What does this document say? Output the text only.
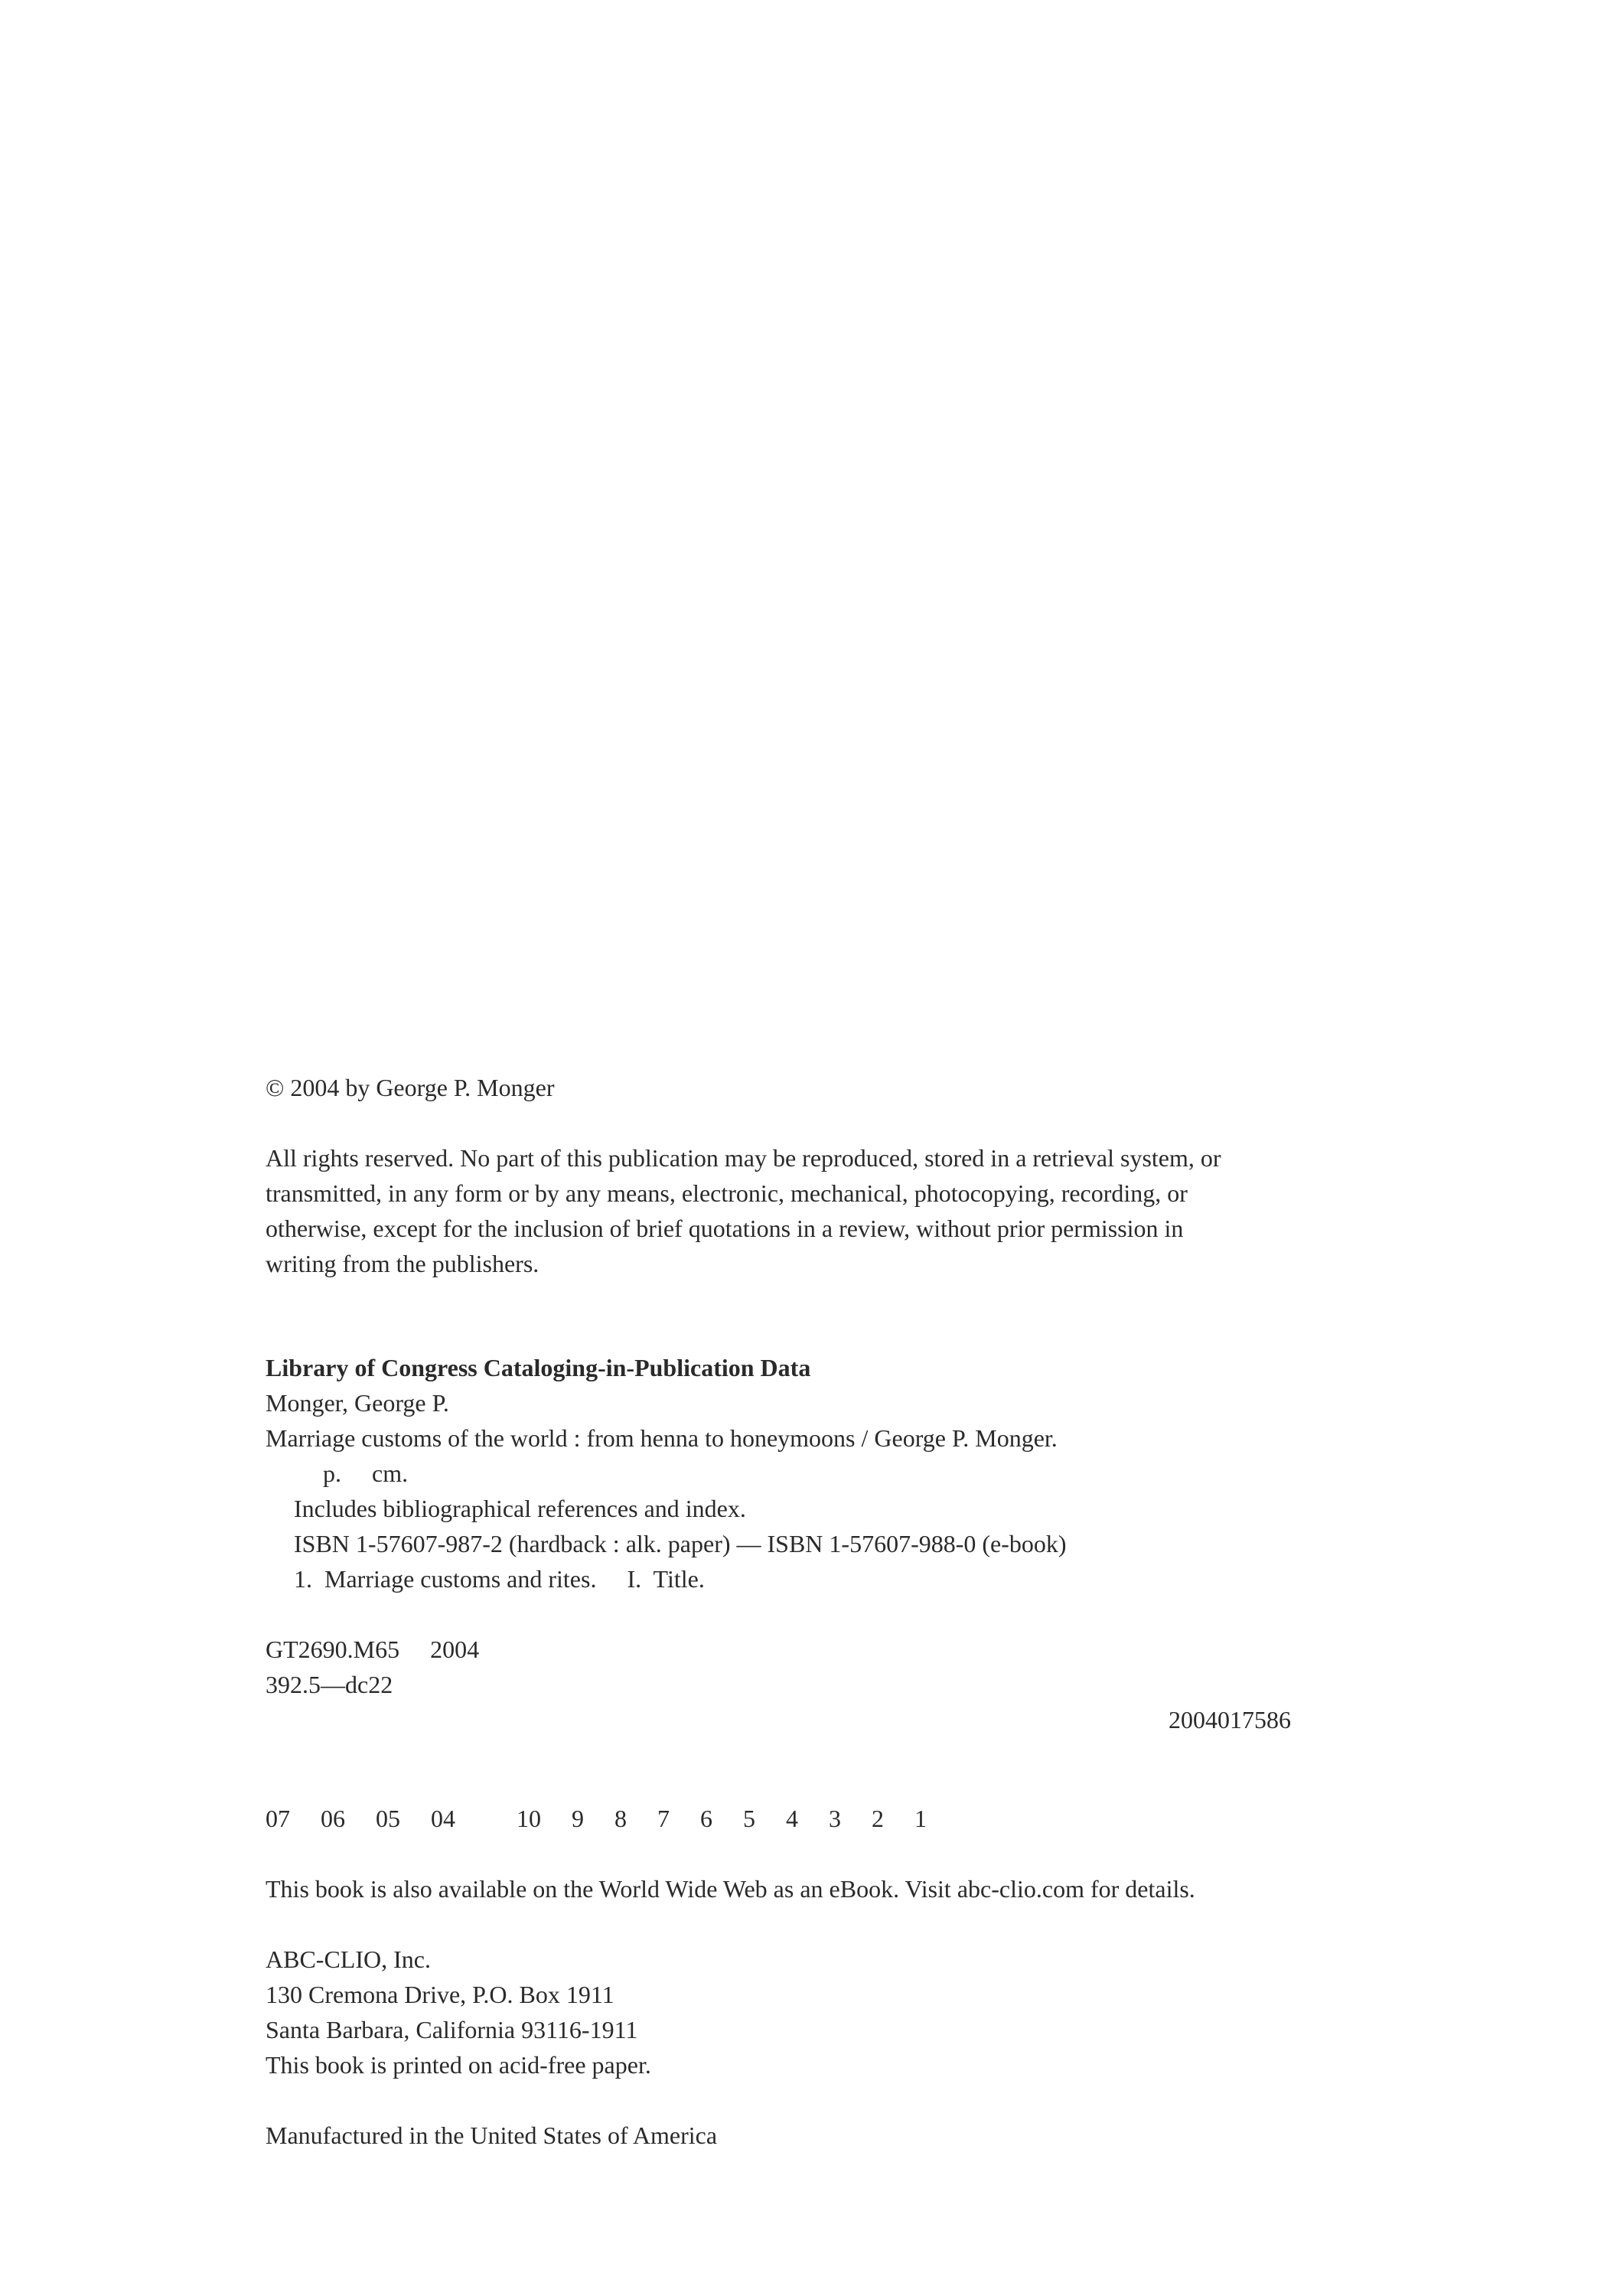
© 2004 by George P. Monger
All rights reserved. No part of this publication may be reproduced, stored in a retrieval system, or
transmitted, in any form or by any means, electronic, mechanical, photocopying, recording, or
otherwise, except for the inclusion of brief quotations in a review, without prior permission in
writing from the publishers.
Library of Congress Cataloging-in-Publication Data
Monger, George P.
Marriage customs of the world : from henna to honeymoons / George P. Monger.
p.     cm.
Includes bibliographical references and index.
ISBN 1-57607-987-2 (hardback : alk. paper) — ISBN 1-57607-988-0 (e-book)
1.  Marriage customs and rites.     I.  Title.
GT2690.M65     2004
392.5—dc22
2004017586
07     06     05     04          10     9     8     7     6     5     4     3     2     1
This book is also available on the World Wide Web as an eBook. Visit abc-clio.com for details.
ABC-CLIO, Inc.
130 Cremona Drive, P.O. Box 1911
Santa Barbara, California 93116-1911
This book is printed on acid-free paper.
Manufactured in the United States of America
